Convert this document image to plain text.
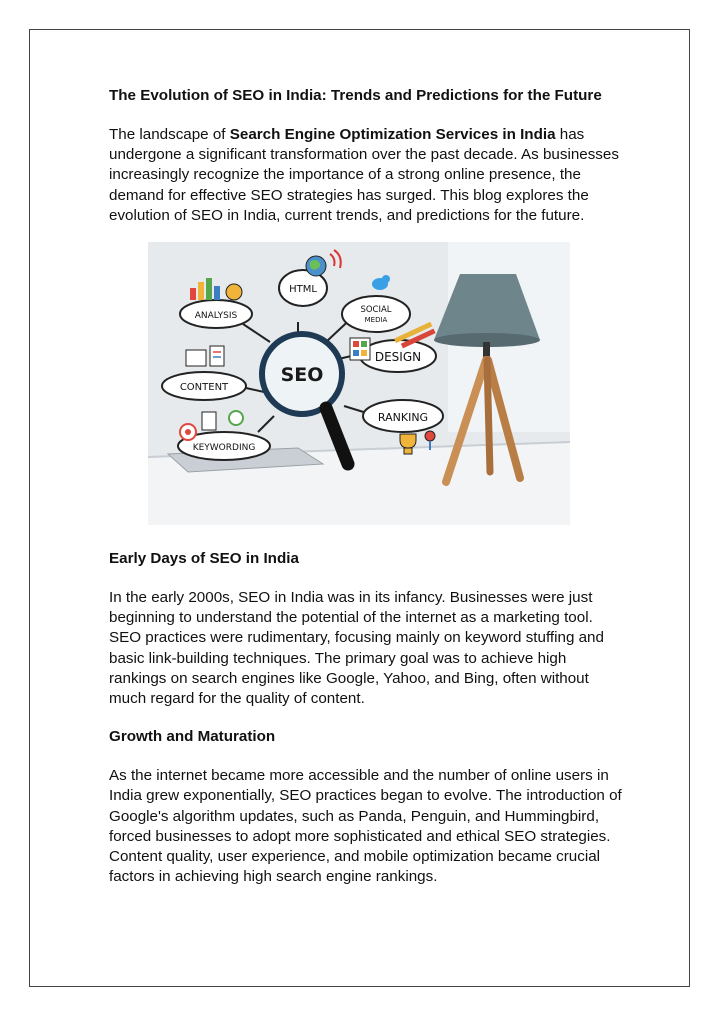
The Evolution of SEO in India: Trends and Predictions for the Future

The landscape of Search Engine Optimization Services in India has undergone a significant transformation over the past decade. As businesses increasingly recognize the importance of a strong online presence, the demand for effective SEO strategies has surged. This blog explores the evolution of SEO in India, current trends, and predictions for the future.

SEO
HTML
SOCIAL
MEDIA
ANALYSIS
DESIGN
CONTENT
RANKING
KEYWORDING
Early Days of SEO in India

In the early 2000s, SEO in India was in its infancy. Businesses were just beginning to understand the potential of the internet as a marketing tool. SEO practices were rudimentary, focusing mainly on keyword stuffing and basic link-building techniques. The primary goal was to achieve high rankings on search engines like Google, Yahoo, and Bing, often without much regard for the quality of content.

Growth and Maturation

As the internet became more accessible and the number of online users in India grew exponentially, SEO practices began to evolve. The introduction of Google's algorithm updates, such as Panda, Penguin, and Hummingbird, forced businesses to adopt more sophisticated and ethical SEO strategies. Content quality, user experience, and mobile optimization became crucial factors in achieving high search engine rankings.
